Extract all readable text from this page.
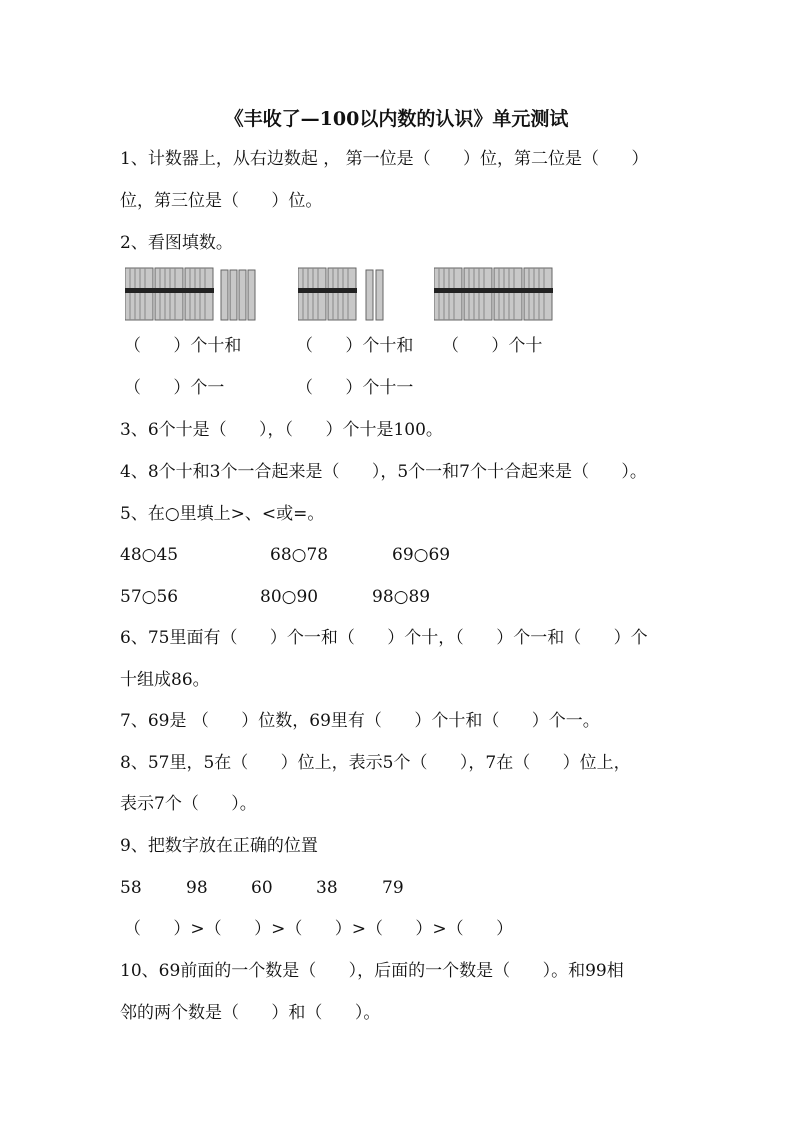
《丰收了—100以内数的认识》单元测试
1、计数器上，从右边数起 ， 第一位是（      ）位，第二位是（      ）
位，第三位是（      ）位。
2、看图填数。
（      ）个十和	（      ）个十和 （      ）个十
（      ）个一	（      ）个十一
3、6个十是（      ），（      ）个十是100。
4、8个十和3个一合起来是（      ），5个一和7个十合起来是（      ）。
5、在○里填上>、<或=。
48○45	68○78	69○69
57○56	80○90	98○89
6、75里面有（      ）个一和（      ）个十，（      ）个一和（      ）个
十组成86。
7、69是 （      ）位数，69里有（      ）个十和（      ）个一。
8、57里，5在（      ）位上，表示5个（      ），7在（      ）位上，
表示7个（      ）。
9、把数字放在正确的位置
58	98	60	38	79
（      ）>（      ）>（      ）>（      ）>（      ）
10、69前面的一个数是（      ），后面的一个数是（      ）。和99相
邻的两个数是（      ）和（      ）。
